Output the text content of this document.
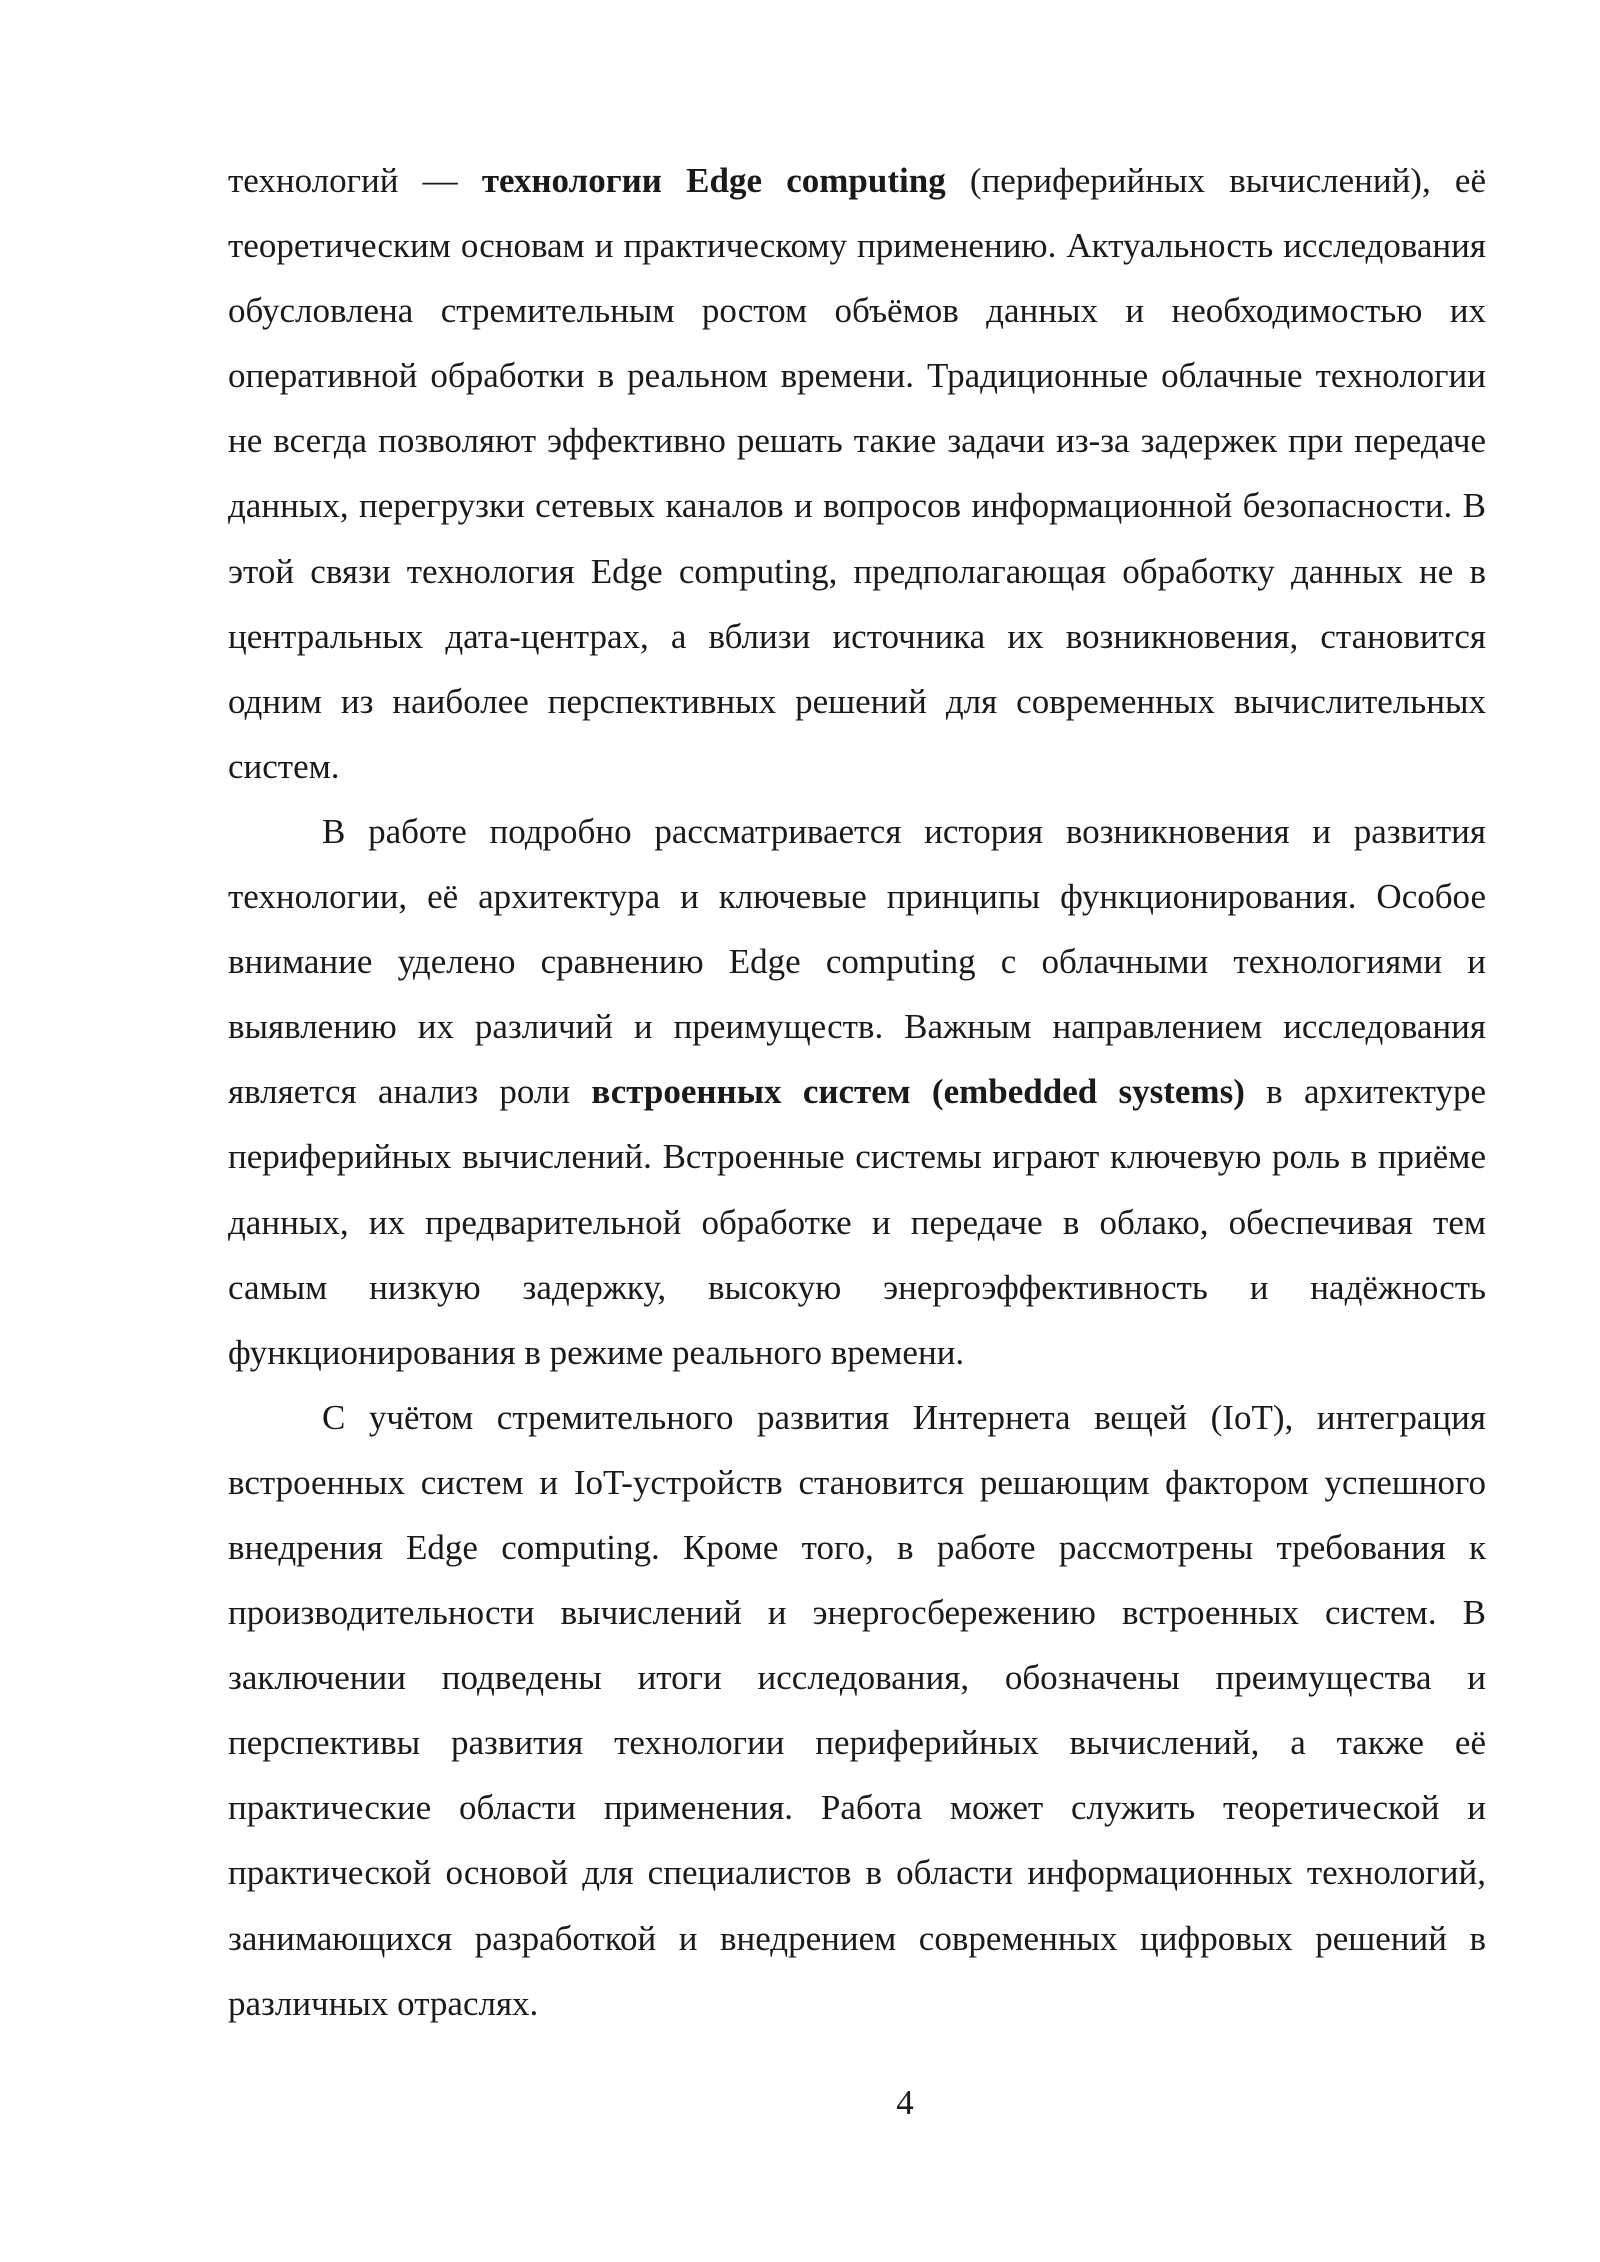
технологий — технологии Edge computing (периферийных вычислений), её теоретическим основам и практическому применению. Актуальность исследования обусловлена стремительным ростом объёмов данных и необходимостью их оперативной обработки в реальном времени. Традиционные облачные технологии не всегда позволяют эффективно решать такие задачи из-за задержек при передаче данных, перегрузки сетевых каналов и вопросов информационной безопасности. В этой связи технология Edge computing, предполагающая обработку данных не в центральных дата-центрах, а вблизи источника их возникновения, становится одним из наиболее перспективных решений для современных вычислительных систем.

В работе подробно рассматривается история возникновения и развития технологии, её архитектура и ключевые принципы функционирования. Особое внимание уделено сравнению Edge computing с облачными технологиями и выявлению их различий и преимуществ. Важным направлением исследования является анализ роли встроенных систем (embedded systems) в архитектуре периферийных вычислений. Встроенные системы играют ключевую роль в приёме данных, их предварительной обработке и передаче в облако, обеспечивая тем самым низкую задержку, высокую энергоэффективность и надёжность функционирования в режиме реального времени.

С учётом стремительного развития Интернета вещей (IoT), интеграция встроенных систем и IoT-устройств становится решающим фактором успешного внедрения Edge computing. Кроме того, в работе рассмотрены требования к производительности вычислений и энергосбережению встроенных систем. В заключении подведены итоги исследования, обозначены преимущества и перспективы развития технологии периферийных вычислений, а также её практические области применения. Работа может служить теоретической и практической основой для специалистов в области информационных технологий, занимающихся разработкой и внедрением современных цифровых решений в различных отраслях.

4
